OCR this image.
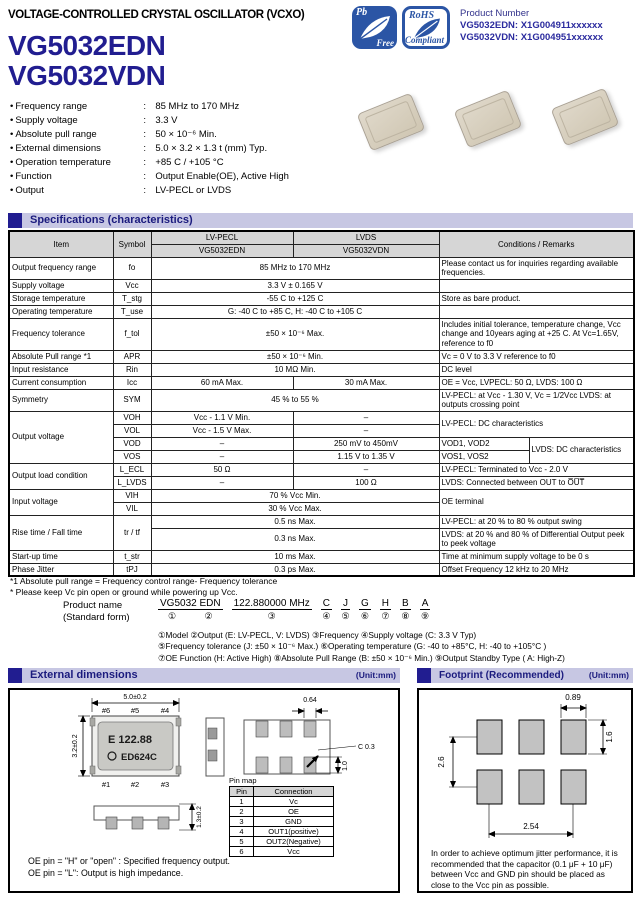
VOLTAGE-CONTROLLED CRYSTAL OSCILLATOR (VCXO)	Pb
Free
RoHS
Compliant
Product Number
VG5032EDN: X1G004911xxxxxx
VG5032VDN: X1G004951xxxxxx
VG5032EDN
VG5032VDN
• Frequency range	: 85 MHz to 170 MHz
• Supply voltage	: 3.3 V
• Absolute pull range	: 50 × 10⁻⁶ Min.
• External dimensions	: 5.0 × 3.2 × 1.3 t (mm) Typ.
• Operation temperature	: +85 C / +105 °C
• Function	: Output Enable(OE), Active High
• Output	: LV-PECL or LVDS
Specifications (characteristics)
Item	Symbol	LV-PECL	LVDS	Conditions / Remarks	
		VG5032EDN	VG5032VDN		
Output frequency range	fo	85 MHz to 170 MHz		Please contact us for inquiries regarding available frequencies.	
Supply voltage	Vcc	3.3 V ± 0.165 V			
Storage temperature	T_stg	-55 C to +125 C		Store as bare product.	
Operating temperature	T_use	G: -40 C to +85 C, H: -40 C to +105 C			
Frequency tolerance	f_tol	±50 × 10⁻⁶ Max.		Includes initial tolerance, temperature change, Vcc change and 10years aging at +25 C. At Vc=1.65V, reference to f0	
Absolute Pull range *1	APR	±50 × 10⁻⁶ Min.		Vc = 0 V to 3.3 V reference to f0	
Input resistance	Rin	10 MΩ Min.		DC level	
Current consumption	Icc	60 mA Max.	30 mA Max.	OE = Vcc, LVPECL: 50 Ω, LVDS: 100 Ω	
Symmetry	SYM	45 % to 55 %		LV-PECL: at Vcc - 1.30 V, Vc = 1/2Vcc LVDS: at outputs crossing point	
Output voltage	VOH	Vcc - 1.1 V Min.	–	LV-PECL: DC characteristics	
	VOL	Vcc - 1.5 V Max.	–		
	VOD	–	250 mV to 450mV	VOD1, VOD2	LVDS: DC characteristics
	VOS	–	1.15 V to 1.35 V	VOS1, VOS2	
Output load condition	L_ECL	50 Ω	–	LV-PECL: Terminated to Vcc - 2.0 V	
	L_LVDS	–	100 Ω	LVDS: Connected between OUT to O̅U̅T̅	
Input voltage	VIH	70 % Vcc Min.		OE terminal	
	VIL	30 % Vcc Max.			
Rise time / Fall time	tr / tf	0.5 ns Max.		LV-PECL: at 20 % to 80 % output swing	
		0.3 ns Max.		LVDS: at 20 % and 80 % of Differential Output peek to peek voltage	
Start-up time	t_str	10 ms Max.		Time at minimum supply voltage to be 0 s	
Phase Jitter	tPJ	0.3 ps Max.		Offset Frequency 12 kHz to 20 MHz	
*1 Absolute pull range = Frequency control range- Frequency tolerance
* Please keep Vc pin open or ground while powering up Vcc.
Product name
(Standard form)
VG5032 EDN
①	②
122.880000 MHz
③
C
④
J
⑤
G
⑥
H
⑦
B
⑧
A
⑨
①Model ②Output (E: LV-PECL, V: LVDS) ③Frequency ④Supply voltage (C: 3.3 V Typ)
⑤Frequency tolerance (J: ±50 × 10⁻⁶ Max.) ⑥Operating temperature (G: -40 to +85°C, H: -40 to +105°C )
⑦OE Function (H: Active High) ⑧Absolute Pull Range (B: ±50 × 10⁻⁶ Min.) ⑨Output Standby Type ( A: High-Z)
External dimensions	(Unit:mm)
5.0±0.2
#6	#5	#4
E 122.88
ED624C
#1	#2	#3
3.2±0.2
0.64
C 0.3
1.0
1.3±0.2
Pin map
Pin	Connection
1	Vc
2	OE
3	GND
4	OUT1(positive)
5	OUT2(Negative)
6	Vcc
OE pin = "H" or "open" : Specified frequency output.
OE pin = "L": Output is high impedance.
Footprint (Recommended)	(Unit:mm)
0.89
1.6
2.6
2.54
In order to achieve optimum jitter performance, it is recommended that the capacitor (0.1 μF + 10 μF) between Vcc and GND pin should be placed as close to the Vcc pin as possible.
